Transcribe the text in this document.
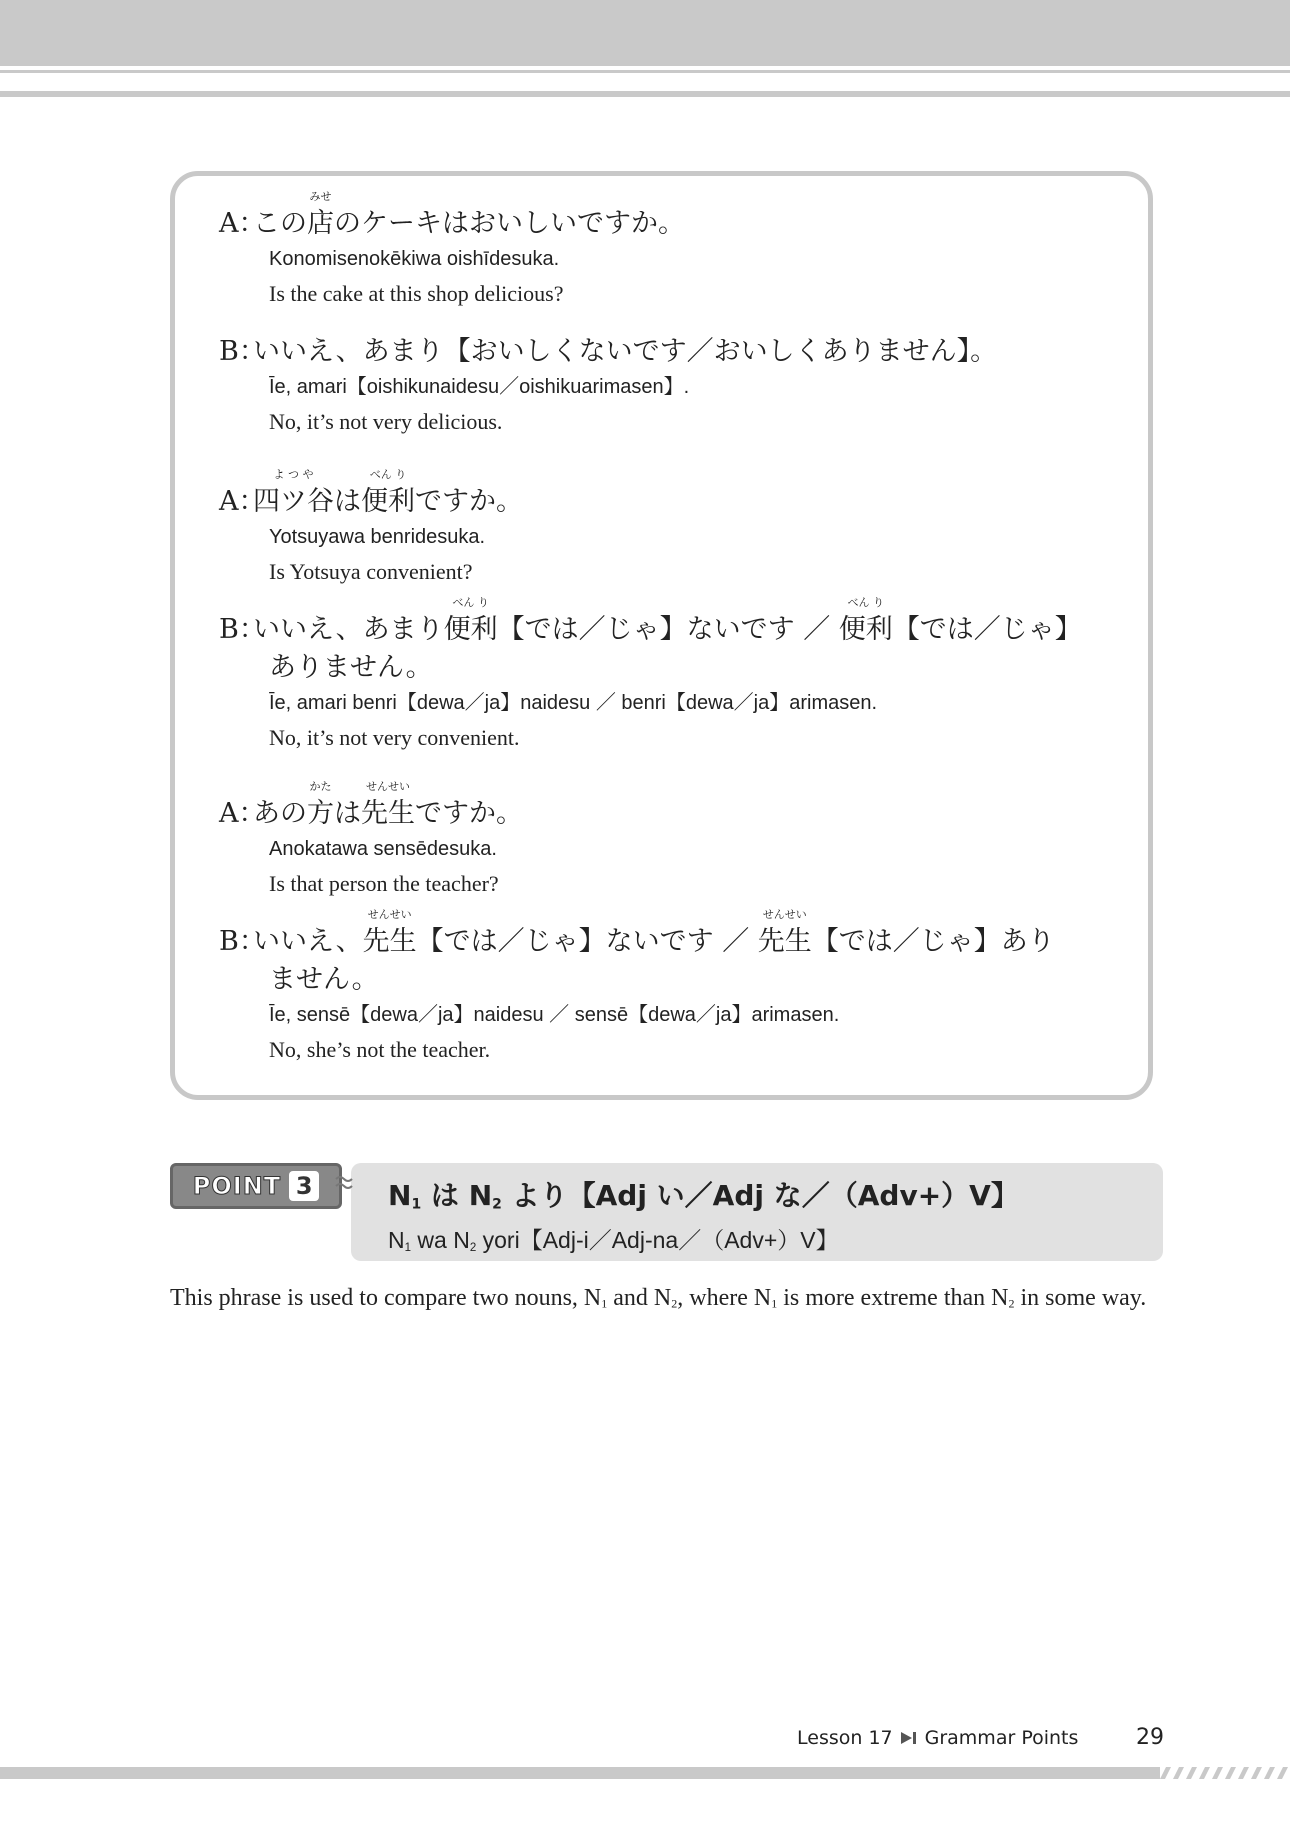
A：
この
みせ
店のケーキはおいしいですか。
Konomisenokēkiwa oishīdesuka.
Is the cake at this shop delicious?
B：
いいえ、あまり【おいしくないです／おいしくありません】。
Īe, amari【oishikunaidesu／oishikuarimasen】.
No, it’s not very delicious.
A：
よ つ や
四ツ谷は
べん り
便利ですか。
Yotsuyawa benridesuka.
Is Yotsuya convenient?
B：
いいえ、あまり
べん り
便利【では／じゃ】ないです ／
べん り
便利【では／じゃ】
ありません。
Īe, amari benri【dewa／ja】naidesu ／ benri【dewa／ja】arimasen.
No, it’s not very convenient.
A：
あの
かた
方は
せんせい
先生ですか。
Anokatawa sensēdesuka.
Is that person the teacher?
B：
いいえ、
せんせい
先生【では／じゃ】ないです ／
せんせい
先生【では／じゃ】あり
ません。
Īe, sensē【dewa／ja】naidesu ／ sensē【dewa／ja】arimasen.
No, she’s not the teacher.
POINT 3	$N_1$ は $N_2$ より【Adj い／Adj な／（Adv+）V】
$N_1$ wa $N_2$ yori【Adj-i／Adj-na／（Adv+）V】
This phrase is used to compare two nouns, $N_1$ and $N_2$, where $N_1$ is more extreme than $N_2$ in some way.
Lesson 17 Grammar Points	29
